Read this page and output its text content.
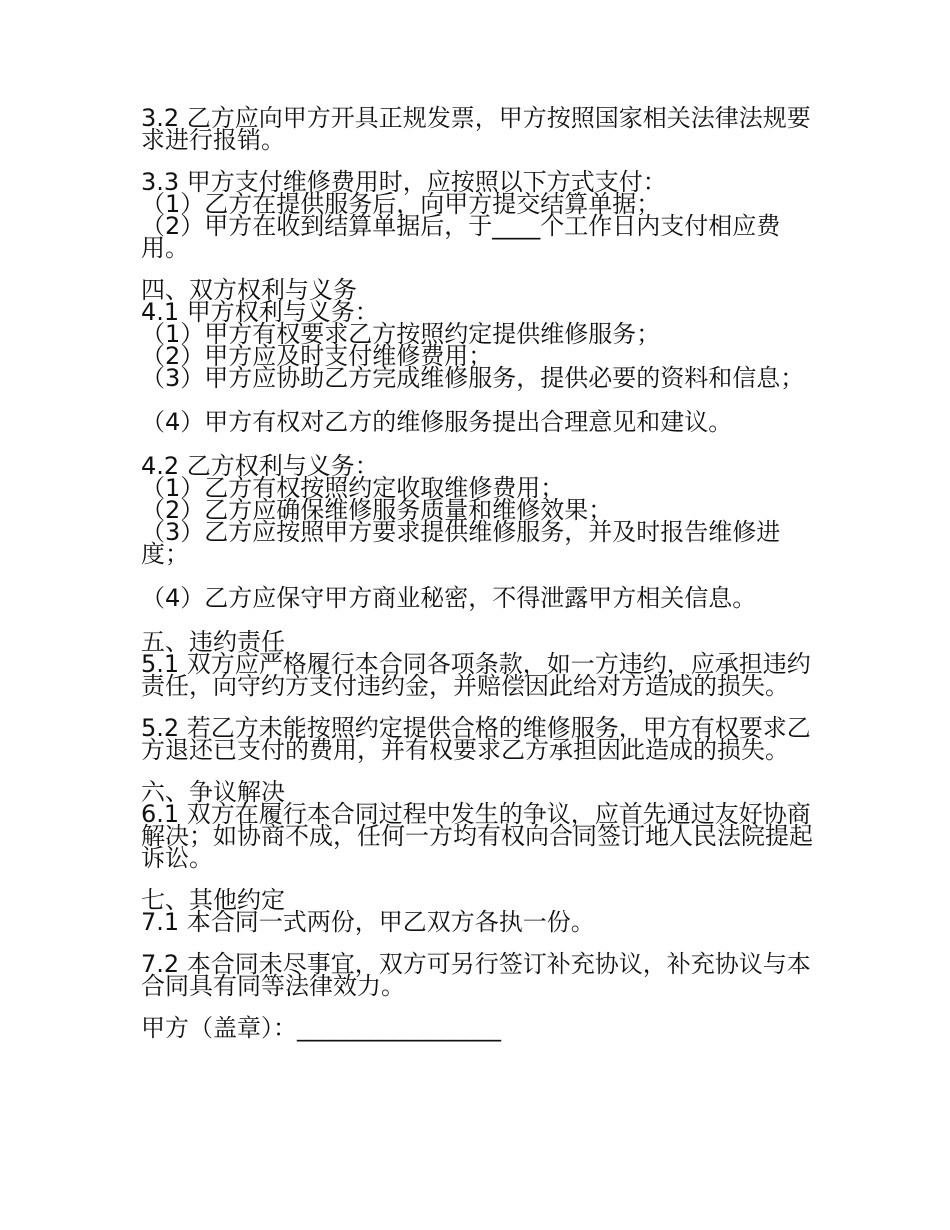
3.2 乙方应向甲方开具正规发票，甲方按照国家相关法律法规要求进行报销。

3.3 甲方支付维修费用时，应按照以下方式支付：

（1）乙方在提供服务后，向甲方提交结算单据；

（2）甲方在收到结算单据后，于____个工作日内支付相应费用。

四、双方权利与义务

4.1 甲方权利与义务：

（1）甲方有权要求乙方按照约定提供维修服务；

（2）甲方应及时支付维修费用；

（3）甲方应协助乙方完成维修服务，提供必要的资料和信息；

（4）甲方有权对乙方的维修服务提出合理意见和建议。

4.2 乙方权利与义务：

（1）乙方有权按照约定收取维修费用；

（2）乙方应确保维修服务质量和维修效果；

（3）乙方应按照甲方要求提供维修服务，并及时报告维修进度；

（4）乙方应保守甲方商业秘密，不得泄露甲方相关信息。

五、违约责任

5.1 双方应严格履行本合同各项条款，如一方违约，应承担违约责任，向守约方支付违约金，并赔偿因此给对方造成的损失。

5.2 若乙方未能按照约定提供合格的维修服务，甲方有权要求乙方退还已支付的费用，并有权要求乙方承担因此造成的损失。

六、争议解决

6.1 双方在履行本合同过程中发生的争议，应首先通过友好协商解决；如协商不成，任何一方均有权向合同签订地人民法院提起诉讼。

七、其他约定

7.1 本合同一式两份，甲乙双方各执一份。

7.2 本合同未尽事宜，双方可另行签订补充协议，补充协议与本合同具有同等法律效力。

甲方（盖章）：_________________
